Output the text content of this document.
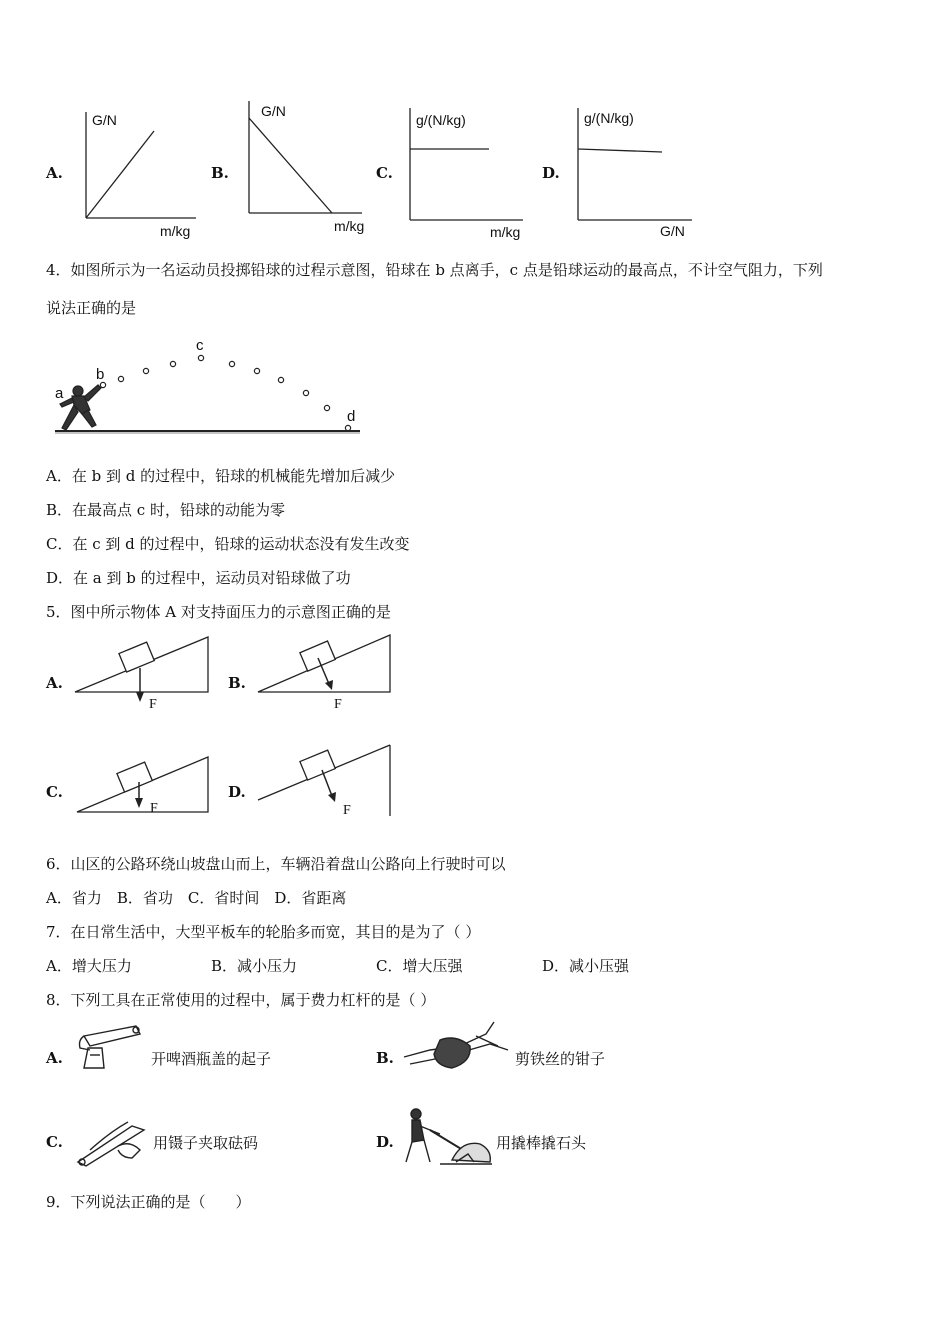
A.
G/N
m/kg
B.
G/N
m/kg
C.
g/(N/kg)
m/kg
D.
g/(N/kg)
G/N
4．如图所示为一名运动员投掷铅球的过程示意图，铅球在 b 点离手，c 点是铅球运动的最高点，不计空气阻力，下列
说法正确的是
a
b
c
d
A．在 b 到 d 的过程中，铅球的机械能先增加后减少
B．在最高点 c 时，铅球的动能为零
C．在 c 到 d 的过程中，铅球的运动状态没有发生改变
D．在 a 到 b 的过程中，运动员对铅球做了功
5．图中所示物体 A 对支持面压力的示意图正确的是
A.
F
B.
F
C.
F
D.
F
6．山区的公路环绕山坡盘山而上，车辆沿着盘山公路向上行驶时可以
A．省力　B．省功　C．省时间　D．省距离
7．在日常生活中，大型平板车的轮胎多而宽，其目的是为了（ ）
A．增大压力	B．减小压力	C．增大压强	D．减小压强
8．下列工具在正常使用的过程中，属于费力杠杆的是（ ）
A.	开啤酒瓶盖的起子	B.	剪铁丝的钳子
C.	用镊子夹取砝码	D.	用撬棒撬石头
9．下列说法正确的是（　　）
